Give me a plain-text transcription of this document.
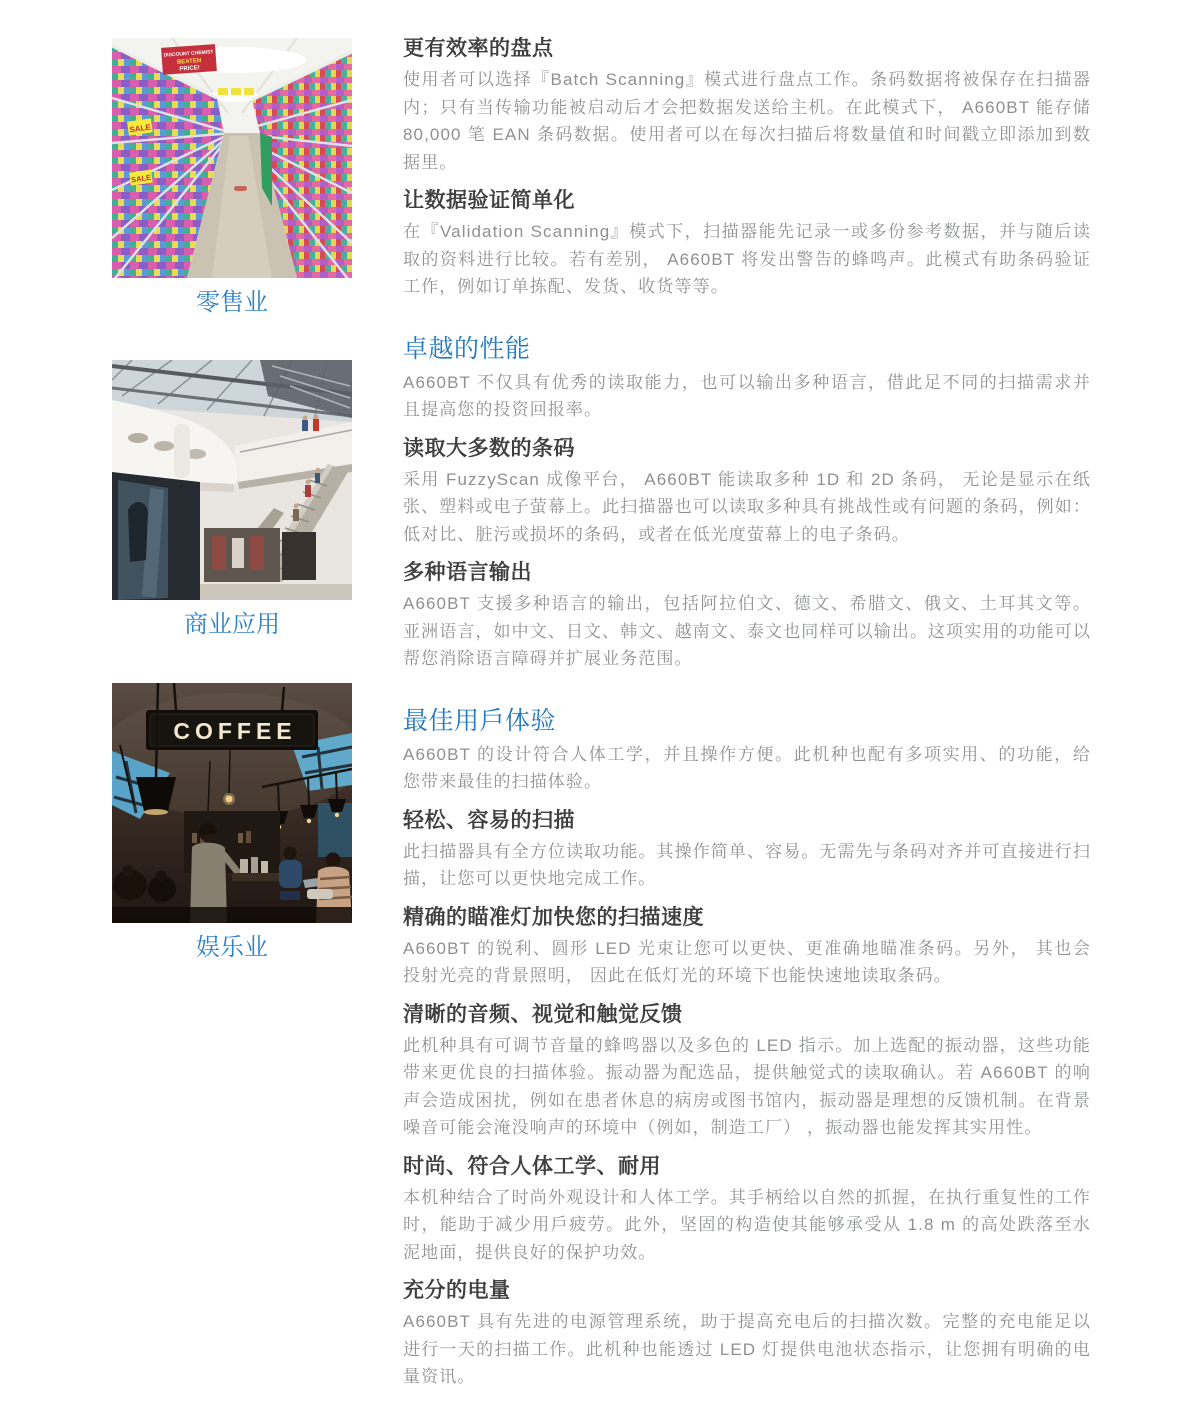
DISCOUNT CHEMIST
BEATEN
PRICE!
SALE
SALE
零售业
商业应用
COFFEE
娱乐业
更有效率的盘点

使用者可以选择『Batch Scanning』模式进行盘点工作。条码数据将被保存在扫描器内；只有当传输功能被启动后才会把数据发送给主机。在此模式下， A660BT 能存储 80,000 笔 EAN 条码数据。使用者可以在每次扫描后将数量值和时间戳立即添加到数据里。

让数据验证简单化

在『Validation Scanning』模式下，扫描器能先记录一或多份参考数据，并与随后读取的资料进行比较。若有差别， A660BT 将发出警告的蜂鸣声。此模式有助条码验证工作，例如订单拣配、发货、收货等等。

卓越的性能

A660BT 不仅具有优秀的读取能力，也可以输出多种语言，借此足不同的扫描需求并且提高您的投资回报率。

读取大多数的条码

采用 FuzzyScan 成像平台， A660BT 能读取多种 1D 和 2D 条码， 无论是显示在纸张、塑料或电子萤幕上。此扫描器也可以读取多种具有挑战性或有问题的条码，例如：低对比、脏污或损坏的条码，或者在低光度萤幕上的电子条码。

多种语言输出

A660BT 支援多种语言的输出，包括阿拉伯文、德文、希腊文、俄文、土耳其文等。亚洲语言，如中文、日文、韩文、越南文、泰文也同样可以输出。这项实用的功能可以帮您消除语言障碍并扩展业务范围。

最佳用戶体验

A660BT 的设计符合人体工学，并且操作方便。此机种也配有多项实用、的功能，给您带来最佳的扫描体验。

轻松、容易的扫描

此扫描器具有全方位读取功能。其操作简单、容易。无需先与条码对齐并可直接进行扫描，让您可以更快地完成工作。

精确的瞄准灯加快您的扫描速度

A660BT 的锐利、圆形 LED 光束让您可以更快、更准确地瞄准条码。另外， 其也会投射光亮的背景照明， 因此在低灯光的环境下也能快速地读取条码。

清晰的音频、视觉和触觉反馈

此机种具有可调节音量的蜂鸣器以及多色的 LED 指示。加上选配的振动器，这些功能带来更优良的扫描体验。振动器为配选品，提供触觉式的读取确认。若 A660BT 的响声会造成困扰，例如在患者休息的病房或图书馆内，振动器是理想的反馈机制。在背景噪音可能会淹没响声的环境中（例如，制造工厂） ，振动器也能发挥其实用性。

时尚、符合人体工学、耐用

本机种结合了时尚外观设计和人体工学。其手柄给以自然的抓握，在执行重复性的工作时，能助于减少用戶疲劳。此外，坚固的构造使其能够承受从 1.8 m 的高处跌落至水泥地面，提供良好的保护功效。

充分的电量

A660BT 具有先进的电源管理系统，助于提高充电后的扫描次数。完整的充电能足以进行一天的扫描工作。此机种也能透过 LED 灯提供电池状态指示，让您拥有明确的电量资讯。
